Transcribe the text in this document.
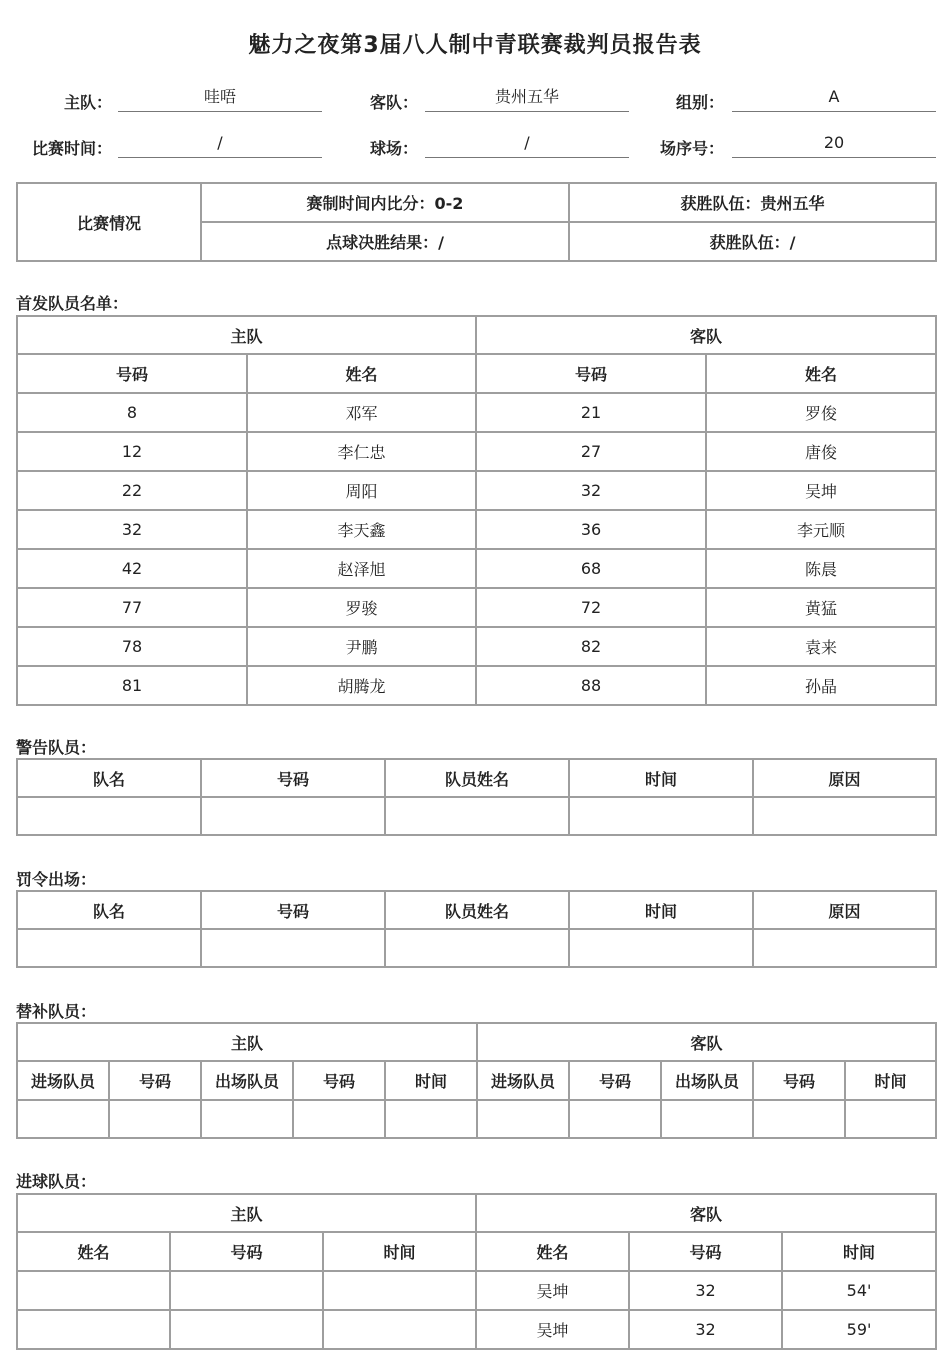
魅力之夜第3届八人制中青联赛裁判员报告表
主队：	哇唔	客队：	贵州五华	组别：	A
比赛时间：	/	球场：	/	场序号：	20
比赛情况	赛制时间内比分：0-2	获胜队伍：贵州五华
	点球决胜结果：/	获胜队伍：/
首发队员名单：
主队		客队	
号码	姓名	号码	姓名
8	邓军	21	罗俊
12	李仁忠	27	唐俊
22	周阳	32	吴坤
32	李天鑫	36	李元顺
42	赵泽旭	68	陈晨
77	罗骏	72	黄猛
78	尹鹏	82	袁来
81	胡腾龙	88	孙晶
警告队员：
队名	号码	队员姓名	时间	原因

罚令出场：
队名	号码	队员姓名	时间	原因

替补队员：
主队					客队				
进场队员	号码	出场队员	号码	时间	进场队员	号码	出场队员	号码	时间

进球队员：
主队			客队		
姓名	号码	时间	姓名	号码	时间
			吴坤	32	54'
			吴坤	32	59'
